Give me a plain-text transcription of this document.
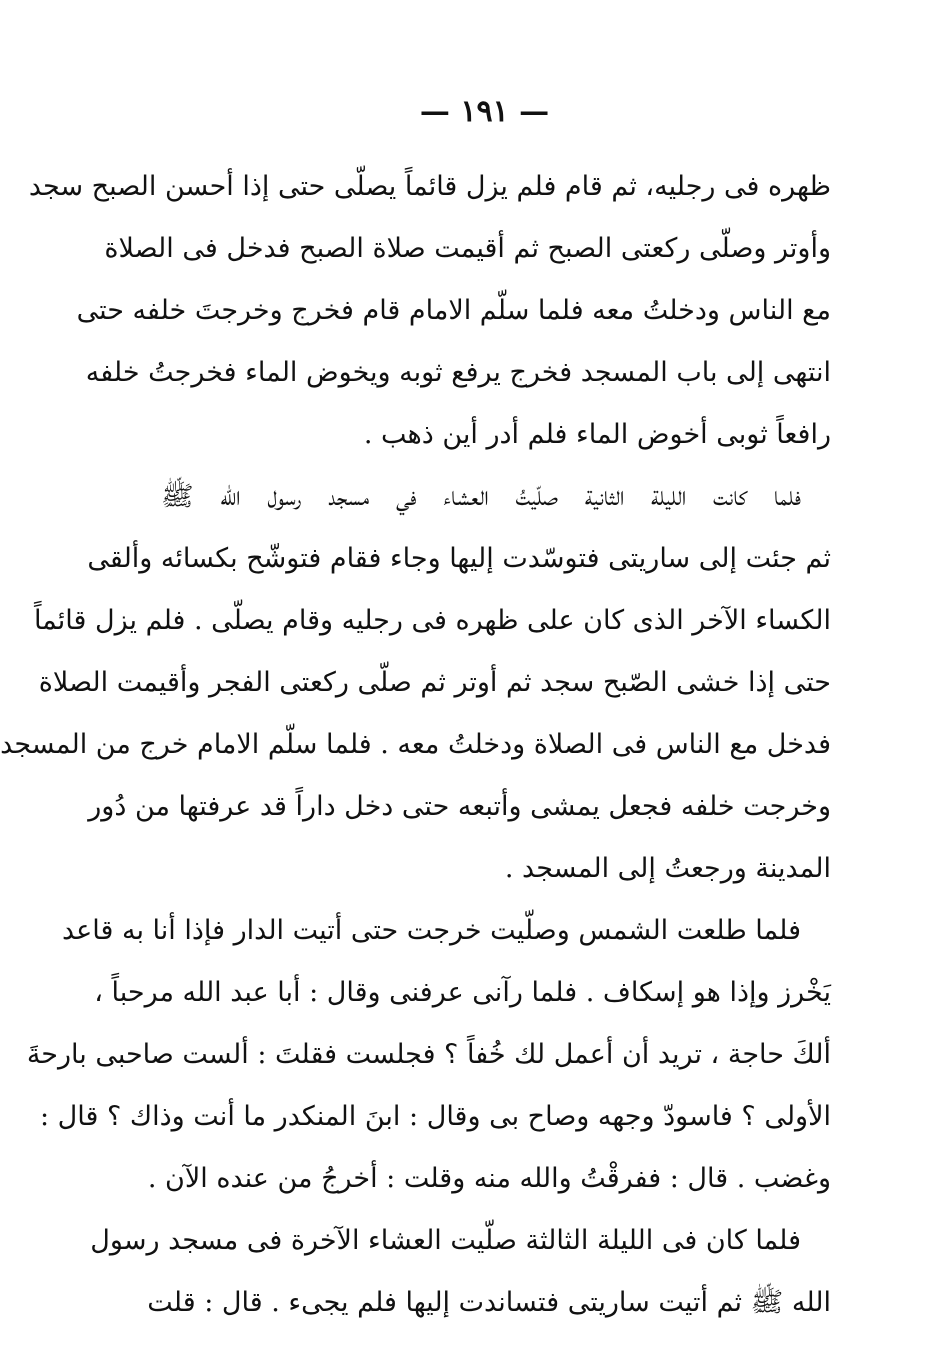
— ١٩١ —
ظهره فى رجليه، ثم قام فلم يزل قائماً يصلّى حتى إذا أحسن الصبح سجد
وأوتر وصلّى ركعتى الصبح ثم أقيمت صلاة الصبح فدخل فى الصلاة
مع الناس ودخلتُ معه فلما سلّم الامام قام فخرج وخرجتَ خلفه حتى
انتهى إلى باب المسجد فخرج يرفع ثوبه ويخوض الماء فخرجتُ خلفه
رافعاً ثوبى أخوض الماء فلم أدر أين ذهب .
فلما كانت الليلة الثانية صلّيتُ العشاء في مسجد رسول الله ﷺ
ثم جئت إلى ساريتى فتوسّدت إليها وجاء فقام فتوشّح بكسائه وألقى
الكساء الآخر الذى كان على ظهره فى رجليه وقام يصلّى . فلم يزل قائماً
حتى إذا خشى الصّبح سجد ثم أوتر ثم صلّى ركعتى الفجر وأقيمت الصلاة
فدخل مع الناس فى الصلاة ودخلتُ معه . فلما سلّم الامام خرج من المسجد
وخرجت خلفه فجعل يمشى وأتبعه حتى دخل داراً قد عرفتها من دُور
المدينة ورجعتُ إلى المسجد .
فلما طلعت الشمس وصلّيت خرجت حتى أتيت الدار فإذا أنا به قاعد
يَخْرز وإذا هو إسكاف . فلما رآنى عرفنى وقال : أبا عبد الله مرحباً ،
ألكَ حاجة ، تريد أن أعمل لك خُفاً ؟ فجلست فقلتَ : ألست صاحبى بارحةَ
الأولى ؟ فاسودّ وجهه وصاح بى وقال : ابنَ المنكدر ما أنت وذاك ؟ قال :
وغضب . قال : ففرقْتُ والله منه وقلت : أخرجُ من عنده الآن .
فلما كان فى الليلة الثالثة صلّيت العشاء الآخرة فى مسجد رسول
الله ﷺ ثم أتيت ساريتى فتساندت إليها فلم يجىء . قال : قلت
